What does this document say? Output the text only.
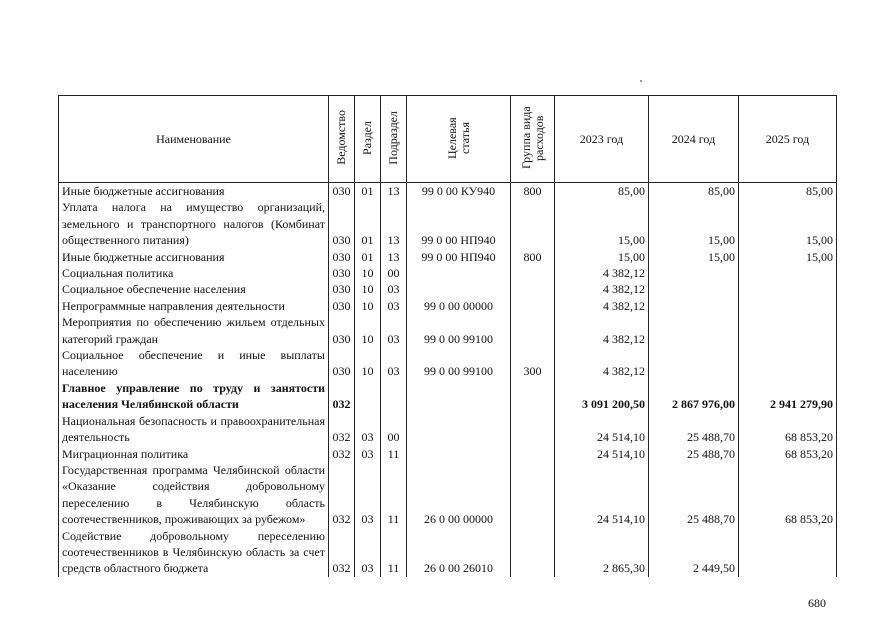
Наименование	Ведомство	Раздел	Подраздел	Целевая статья	Группа вида расходов	2023 год	2024 год	2025 год
Иные бюджетные ассигнования	030	01	13	99 0 00 КУ940	800	85,00	85,00	85,00
Уплата налога на имущество организаций, земельного и транспортного налогов (Комбинат общественного питания)	030	01	13	99 0 00 НП940		15,00	15,00	15,00
Иные бюджетные ассигнования	030	01	13	99 0 00 НП940	800	15,00	15,00	15,00
Социальная политика	030	10	00			4 382,12		
Социальное обеспечение населения	030	10	03			4 382,12		
Непрограммные направления деятельности	030	10	03	99 0 00 00000		4 382,12		
Мероприятия по обеспечению жильем отдельных категорий граждан	030	10	03	99 0 00 99100		4 382,12		
Социальное обеспечение и иные выплаты населению	030	10	03	99 0 00 99100	300	4 382,12		
Главное управление по труду и занятости населения Челябинской области	032					3 091 200,50	2 867 976,00	2 941 279,90
Национальная безопасность и правоохранительная деятельность	032	03	00			24 514,10	25 488,70	68 853,20
Миграционная политика	032	03	11			24 514,10	25 488,70	68 853,20
Государственная программа Челябинской области «Оказание содействия добровольному переселению в Челябинскую область соотечественников, проживающих за рубежом»	032	03	11	26 0 00 00000		24 514,10	25 488,70	68 853,20
Содействие добровольному переселению соотечественников в Челябинскую область за счет средств областного бюджета	032	03	11	26 0 00 26010		2 865,30	2 449,50	
680
